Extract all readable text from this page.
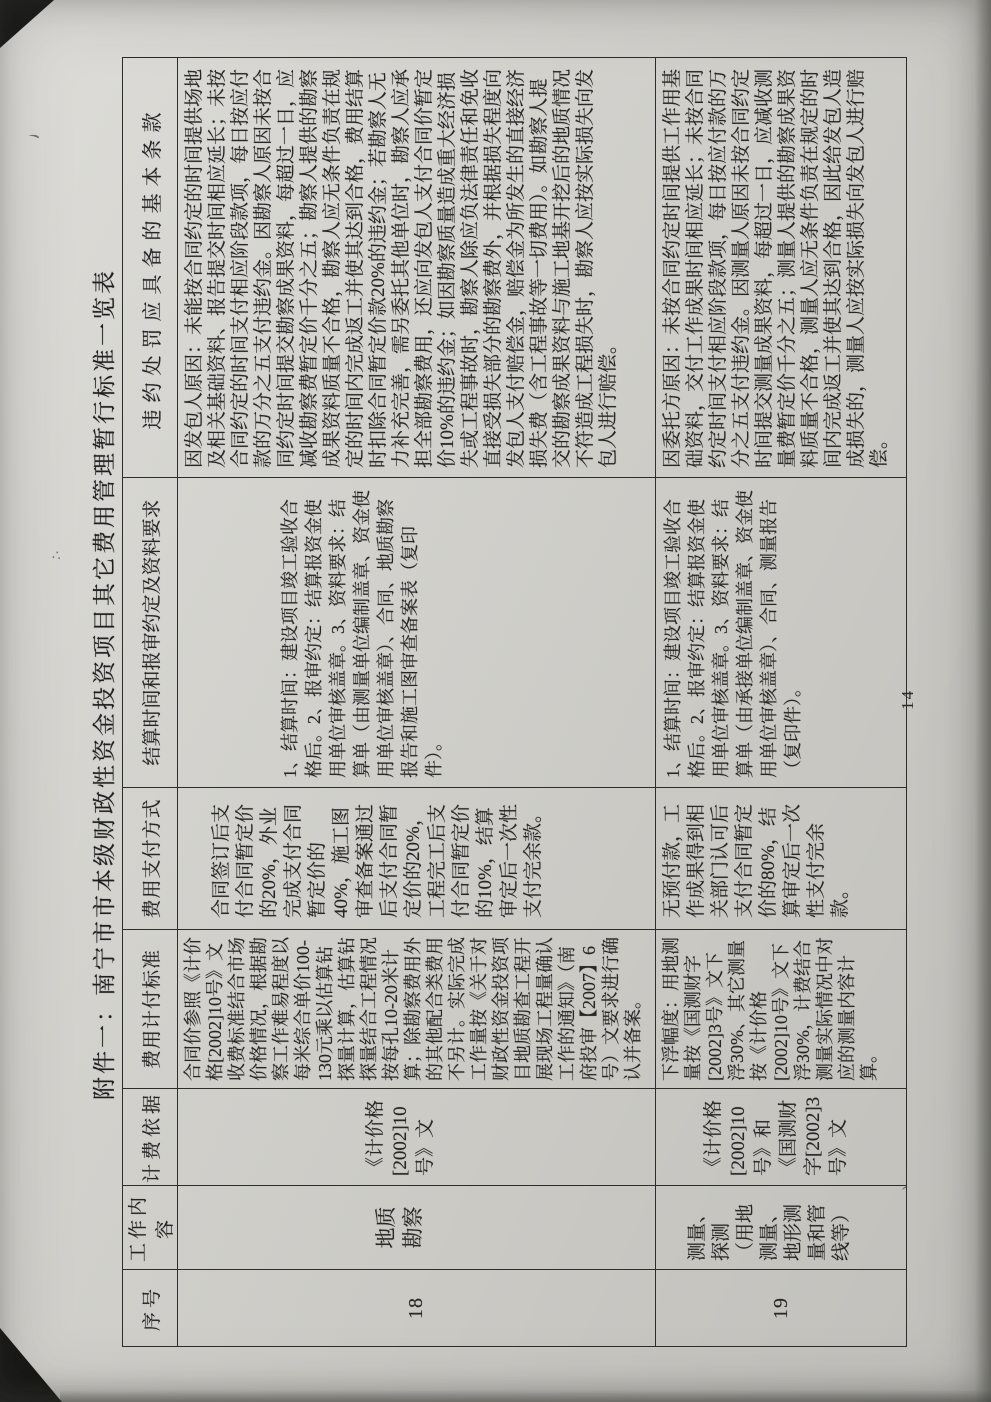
附件一：南宁市市本级财政性资金投资项目其它费用管理暂行标准一览表
序号	工作内容	计费依据	费用计付标准	费用支付方式	结算时间和报审约定及资料要求	违约处罚应具备的基本条款
18	地质勘察	《计价格[2002]10号》文	合同价参照《计价格[2002]10号》文收费标准结合市场价格情况，根据勘察工作难易程度以每米综合单价100-130元乘以估算钻探量计算，估算钻探量结合工程情况按每孔10-20米计算；除勘察费用外的其他配合类费用不另计。实际完成工作量按《关于对财政性资金投资项目地质勘查工程开展现场工程量确认工作的通知》（南府投审【2007】6号）文要求进行确认并备案。	合同签订后支付合同暂定价的20%，外业完成支付合同暂定价的40%，施工图审查备案通过后支付合同暂定价的20%，工程完工后支付合同暂定价的10%，结算审定后一次性支付完余款。	1、结算时间：建设项目竣工验收合格后。2、报审约定：结算报资金使用单位审核盖章。3、资料要求：结算单（由测量单位编制盖章、资金使用单位审核盖章）、合同、地质勘察报告和施工图审查备案表（复印件）。	因发包人原因：未能按合同约定的时间提供场地及相关基础资料、报告提交时间相应延长；未按合同约定的时间支付相应阶段款项，每日按应付款的万分之五支付违约金。因勘察人原因未按合同约定时间提交勘察成果资料，每超过一日，应减收勘察费暂定价千分之五；勘察人提供的勘察成果资料质量不合格，勘察人应无条件负责在规定的时间内完成返工并使其达到合格，费用结算时扣除合同暂定价款20%的违约金；若勘察人无力补充完善，需另委托其他单位时，勘察人应承担全部勘察费用，还应向发包人支付合同价暂定价10%的违约金；如因勘察质量造成重大经济损失或工程事故时，勘察人除应负法律责任和免收直接受损失部分的勘察费外，并根据损失程度向发包人支付赔偿金，赔偿金为所发生的直接经济损失费（含工程事故等一切费用）。如勘察人提交的勘察成果资料与施工地基开挖后的地质情况不符造成工程损失时，勘察人应按实际损失向发包人进行赔偿。
19	测量、探测（用地测量、地形测量和管线等）	《计价格[2002]10号》和《国测财字[2002]3号》文	下浮幅度：用地测量按《国测财字[2002]3号》文下浮30%、其它测量按《计价格[2002]10号》文下浮30%，计费结合测量实际情况中对应的测量内容计算。	无预付款，工作成果得到相关部门认可后支付合同暂定价的80%，结算审定后一次性支付完余款。	1、结算时间：建设项目竣工验收合格后。2、报审约定：结算报资金使用单位审核盖章。3、资料要求：结算单（由承接单位编制盖章、资金使用单位审核盖章）、合同、测量报告（复印件）。	因委托方原因：未按合同约定时间提供工作用基础资料，交付工作成果时间相应延长；未按合同约定时间支付相应阶段款项，每日按应付款的万分之五支付违约金。因测量人原因未按合同约定时间提交测量成果资料，每超过一日，应减收测量费暂定价千分之五；测量人提供的勘察成果资料质量不合格，测量人应无条件负责在规定的时间内完成返工并使其达到合格，因此给发包人造成损失的，测量人应按实际损失向发包人进行赔偿。
14
丶
∴
、
